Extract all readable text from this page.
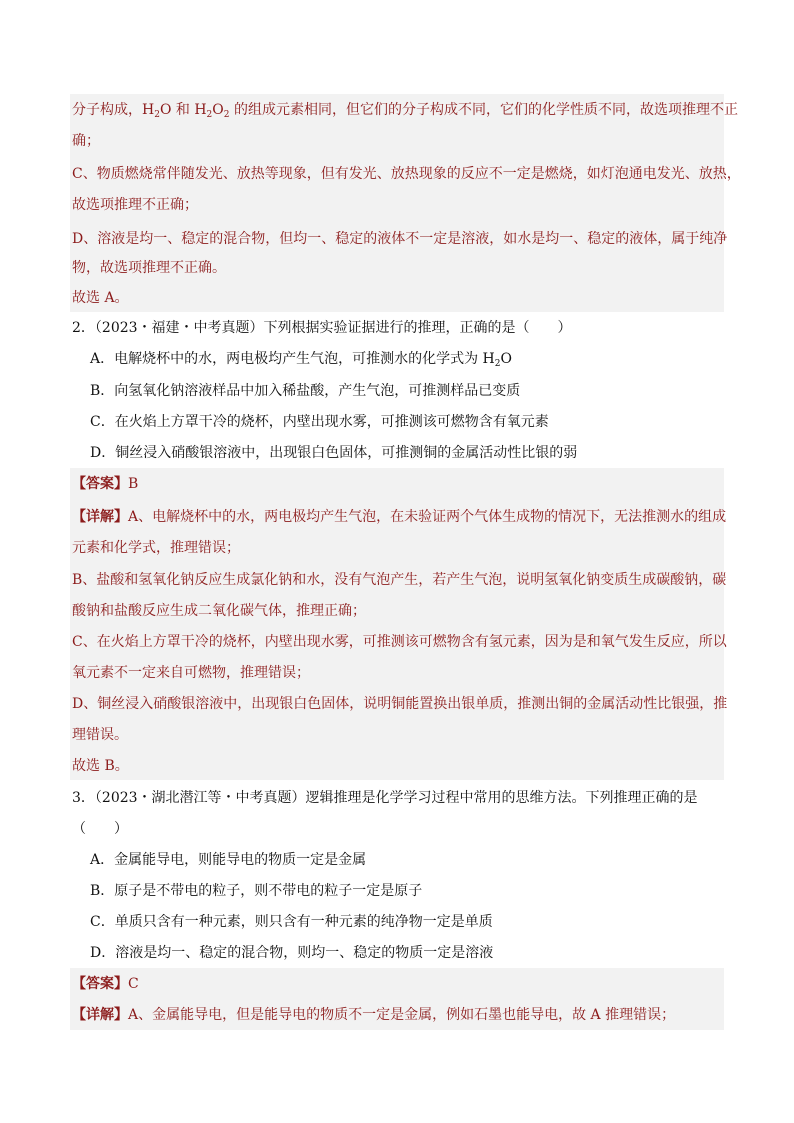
分子构成，$H_2O$ 和 $H_2O_2$ 的组成元素相同，但它们的分子构成不同，它们的化学性质不同，故选项推理不正
确；
C、物质燃烧常伴随发光、放热等现象，但有发光、放热现象的反应不一定是燃烧，如灯泡通电发光、放热，
故选项推理不正确；
D、溶液是均一、稳定的混合物，但均一、稳定的液体不一定是溶液，如水是均一、稳定的液体，属于纯净
物，故选项推理不正确。
故选 A。
2．（2023・福建・中考真题）下列根据实验证据进行的推理，正确的是（　　）
A．电解烧杯中的水，两电极均产生气泡，可推测水的化学式为 $H_2O$
B．向氢氧化钠溶液样品中加入稀盐酸，产生气泡，可推测样品已变质
C．在火焰上方罩干冷的烧杯，内壁出现水雾，可推测该可燃物含有氧元素
D．铜丝浸入硝酸银溶液中，出现银白色固体，可推测铜的金属活动性比银的弱
【答案】B
【详解】A、电解烧杯中的水，两电极均产生气泡，在未验证两个气体生成物的情况下，无法推测水的组成
元素和化学式，推理错误；
B、盐酸和氢氧化钠反应生成氯化钠和水，没有气泡产生，若产生气泡，说明氢氧化钠变质生成碳酸钠，碳
酸钠和盐酸反应生成二氧化碳气体，推理正确；
C、在火焰上方罩干冷的烧杯，内壁出现水雾，可推测该可燃物含有氢元素，因为是和氧气发生反应，所以
氧元素不一定来自可燃物，推理错误；
D、铜丝浸入硝酸银溶液中，出现银白色固体，说明铜能置换出银单质，推测出铜的金属活动性比银强，推
理错误。
故选 B。
3．（2023・湖北潜江等・中考真题）逻辑推理是化学学习过程中常用的思维方法。下列推理正确的是
（　　）
A．金属能导电，则能导电的物质一定是金属
B．原子是不带电的粒子，则不带电的粒子一定是原子
C．单质只含有一种元素，则只含有一种元素的纯净物一定是单质
D．溶液是均一、稳定的混合物，则均一、稳定的物质一定是溶液
【答案】C
【详解】A、金属能导电，但是能导电的物质不一定是金属，例如石墨也能导电，故 A 推理错误；
